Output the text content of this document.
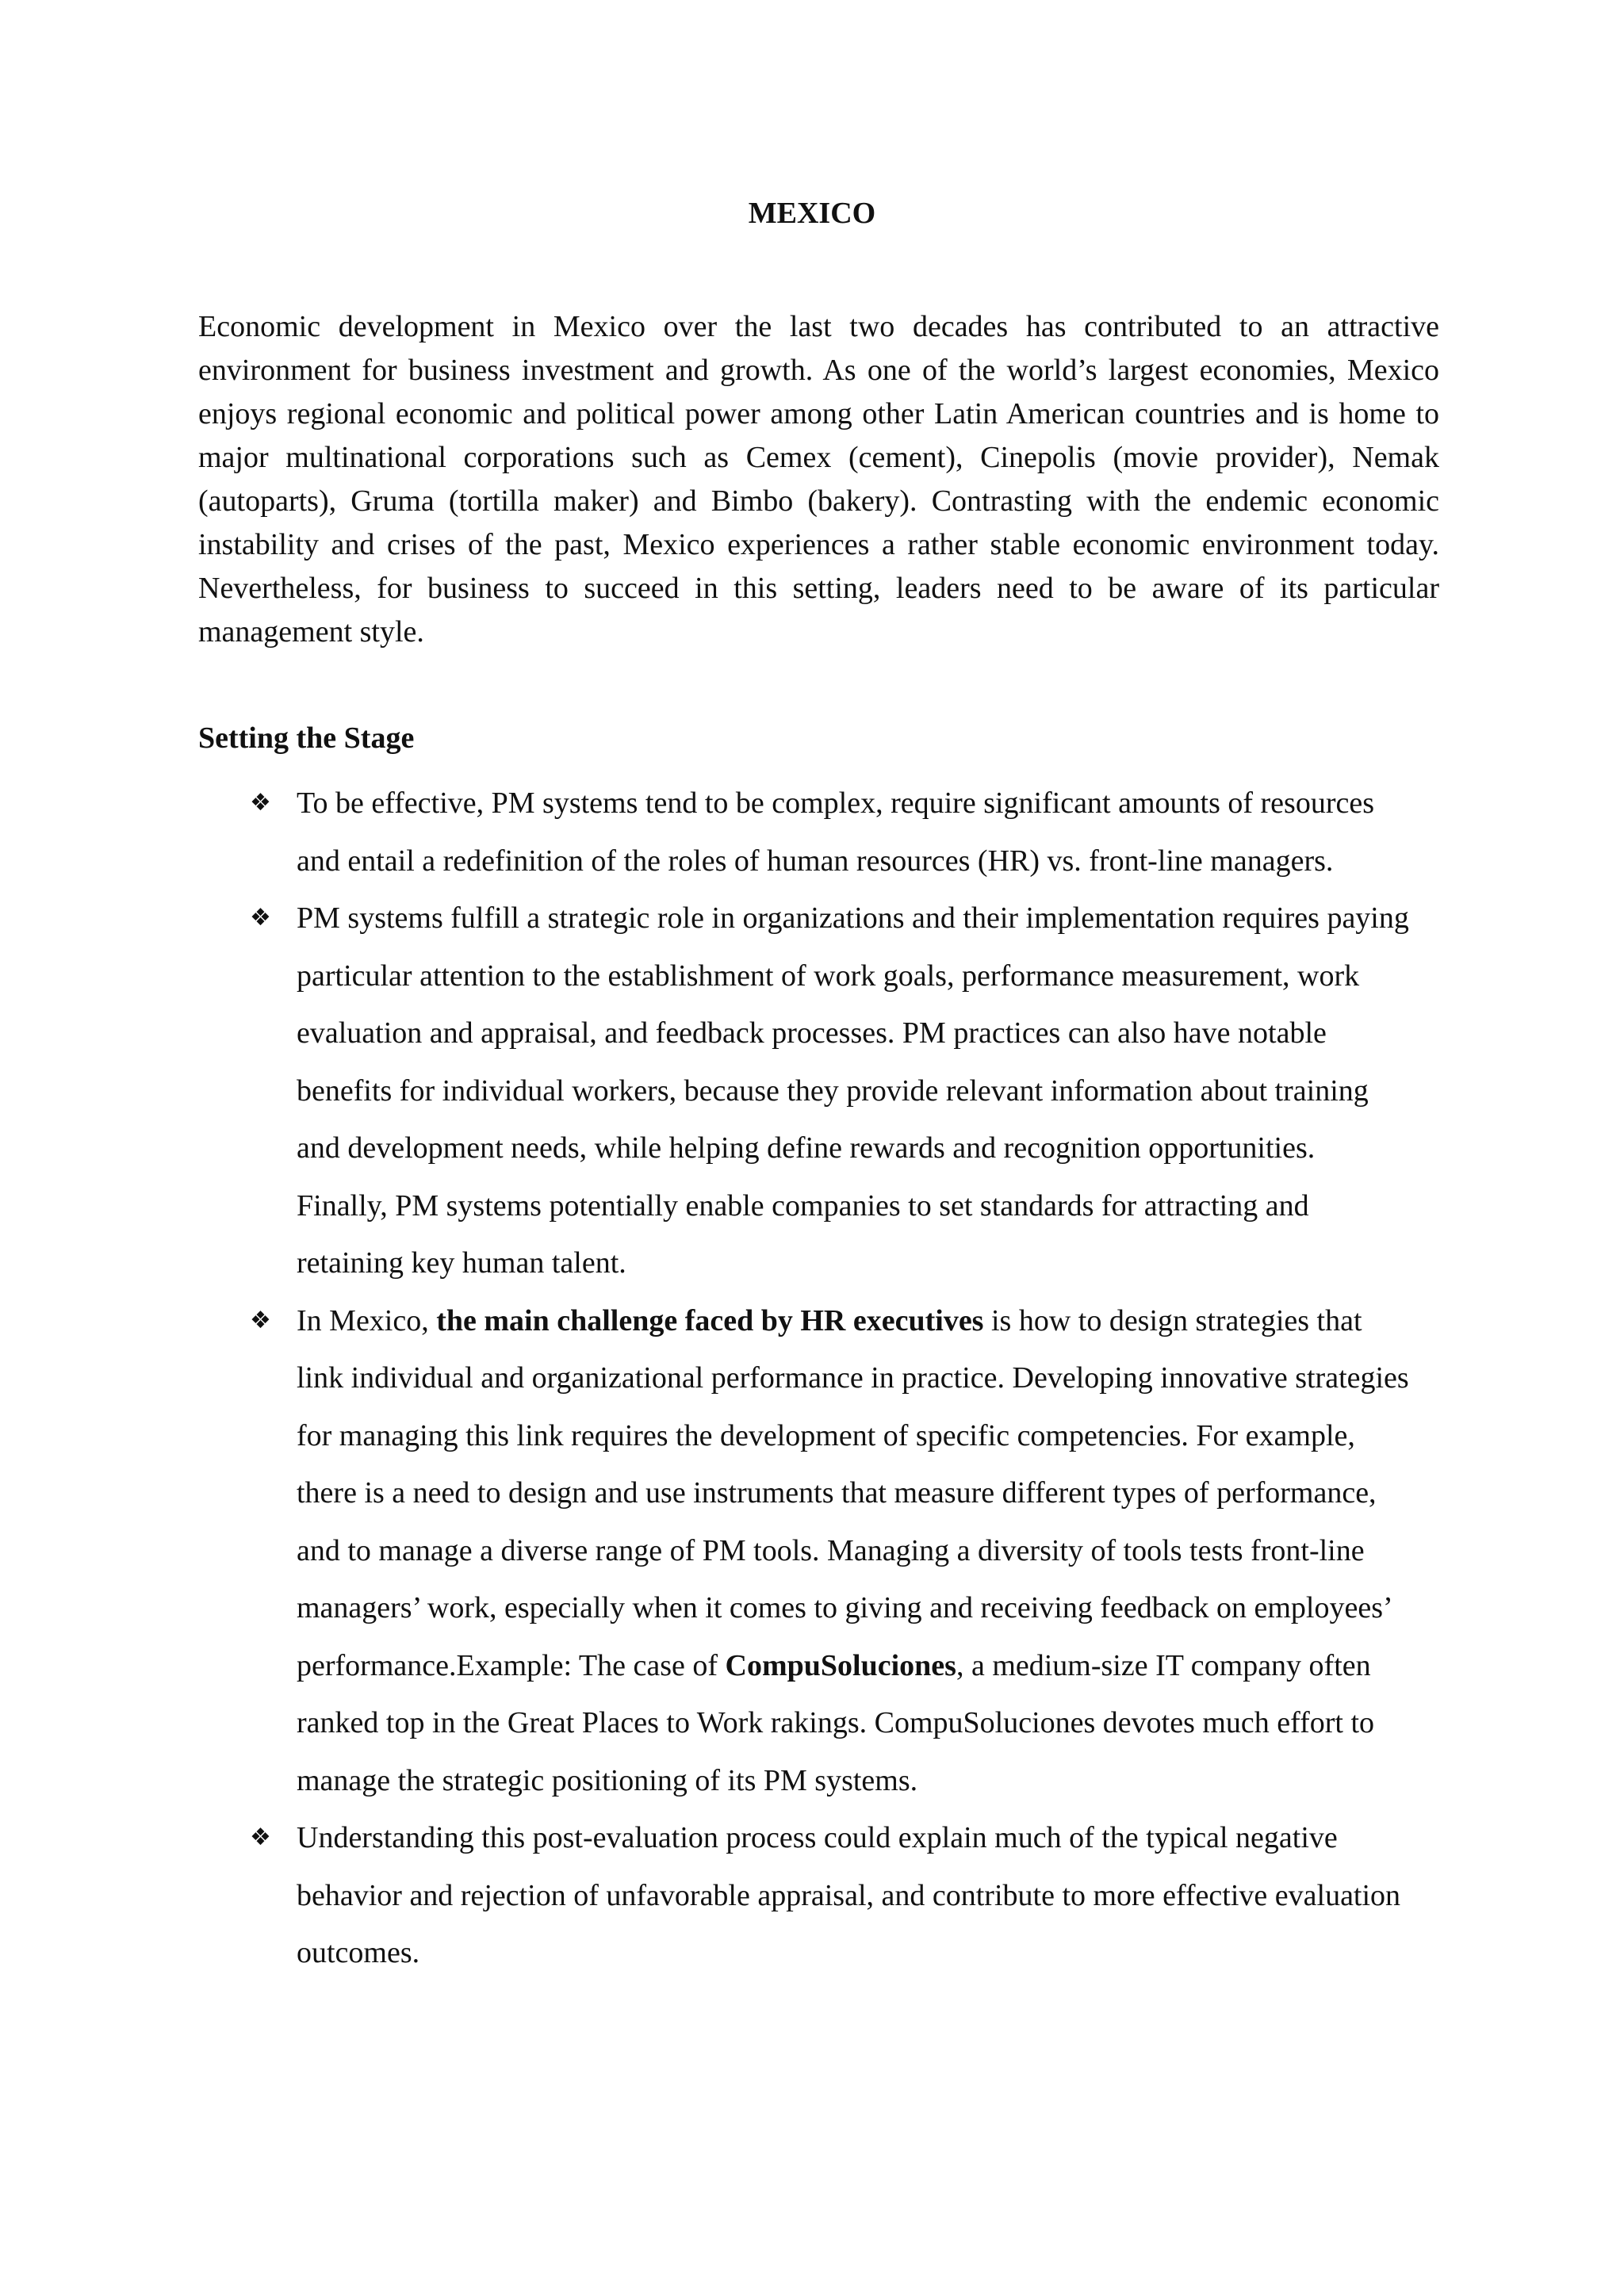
MEXICO

Economic development in Mexico over the last two decades has contributed to an attractive environment for business investment and growth. As one of the world’s largest economies, Mexico enjoys regional economic and political power among other Latin American countries and is home to major multinational corporations such as Cemex (cement), Cinepolis (movie provider), Nemak (autoparts), Gruma (tortilla maker) and Bimbo (bakery). Contrasting with the endemic economic instability and crises of the past, Mexico experiences a rather stable economic environment today. Nevertheless, for business to succeed in this setting, leaders need to be aware of its particular management style.

Setting the Stage
❖ To be effective, PM systems tend to be complex, require significant amounts of resources and entail a redefinition of the roles of human resources (HR) vs. front-line managers.
❖ PM systems fulfill a strategic role in organizations and their implementation requires paying particular attention to the establishment of work goals, performance measurement, work evaluation and appraisal, and feedback processes. PM practices can also have notable benefits for individual workers, because they provide relevant information about training and development needs, while helping define rewards and recognition opportunities. Finally, PM systems potentially enable companies to set standards for attracting and retaining key human talent.
❖ In Mexico, the main challenge faced by HR executives is how to design strategies that link individual and organizational performance in practice. Developing innovative strategies for managing this link requires the development of specific competencies. For example, there is a need to design and use instruments that measure different types of performance, and to manage a diverse range of PM tools. Managing a diversity of tools tests front-line managers’ work, especially when it comes to giving and receiving feedback on employees’ performance.Example: The case of CompuSoluciones, a medium-size IT company often ranked top in the Great Places to Work rakings. CompuSoluciones devotes much effort to manage the strategic positioning of its PM systems.
❖ Understanding this post-evaluation process could explain much of the typical negative behavior and rejection of unfavorable appraisal, and contribute to more effective evaluation outcomes.
